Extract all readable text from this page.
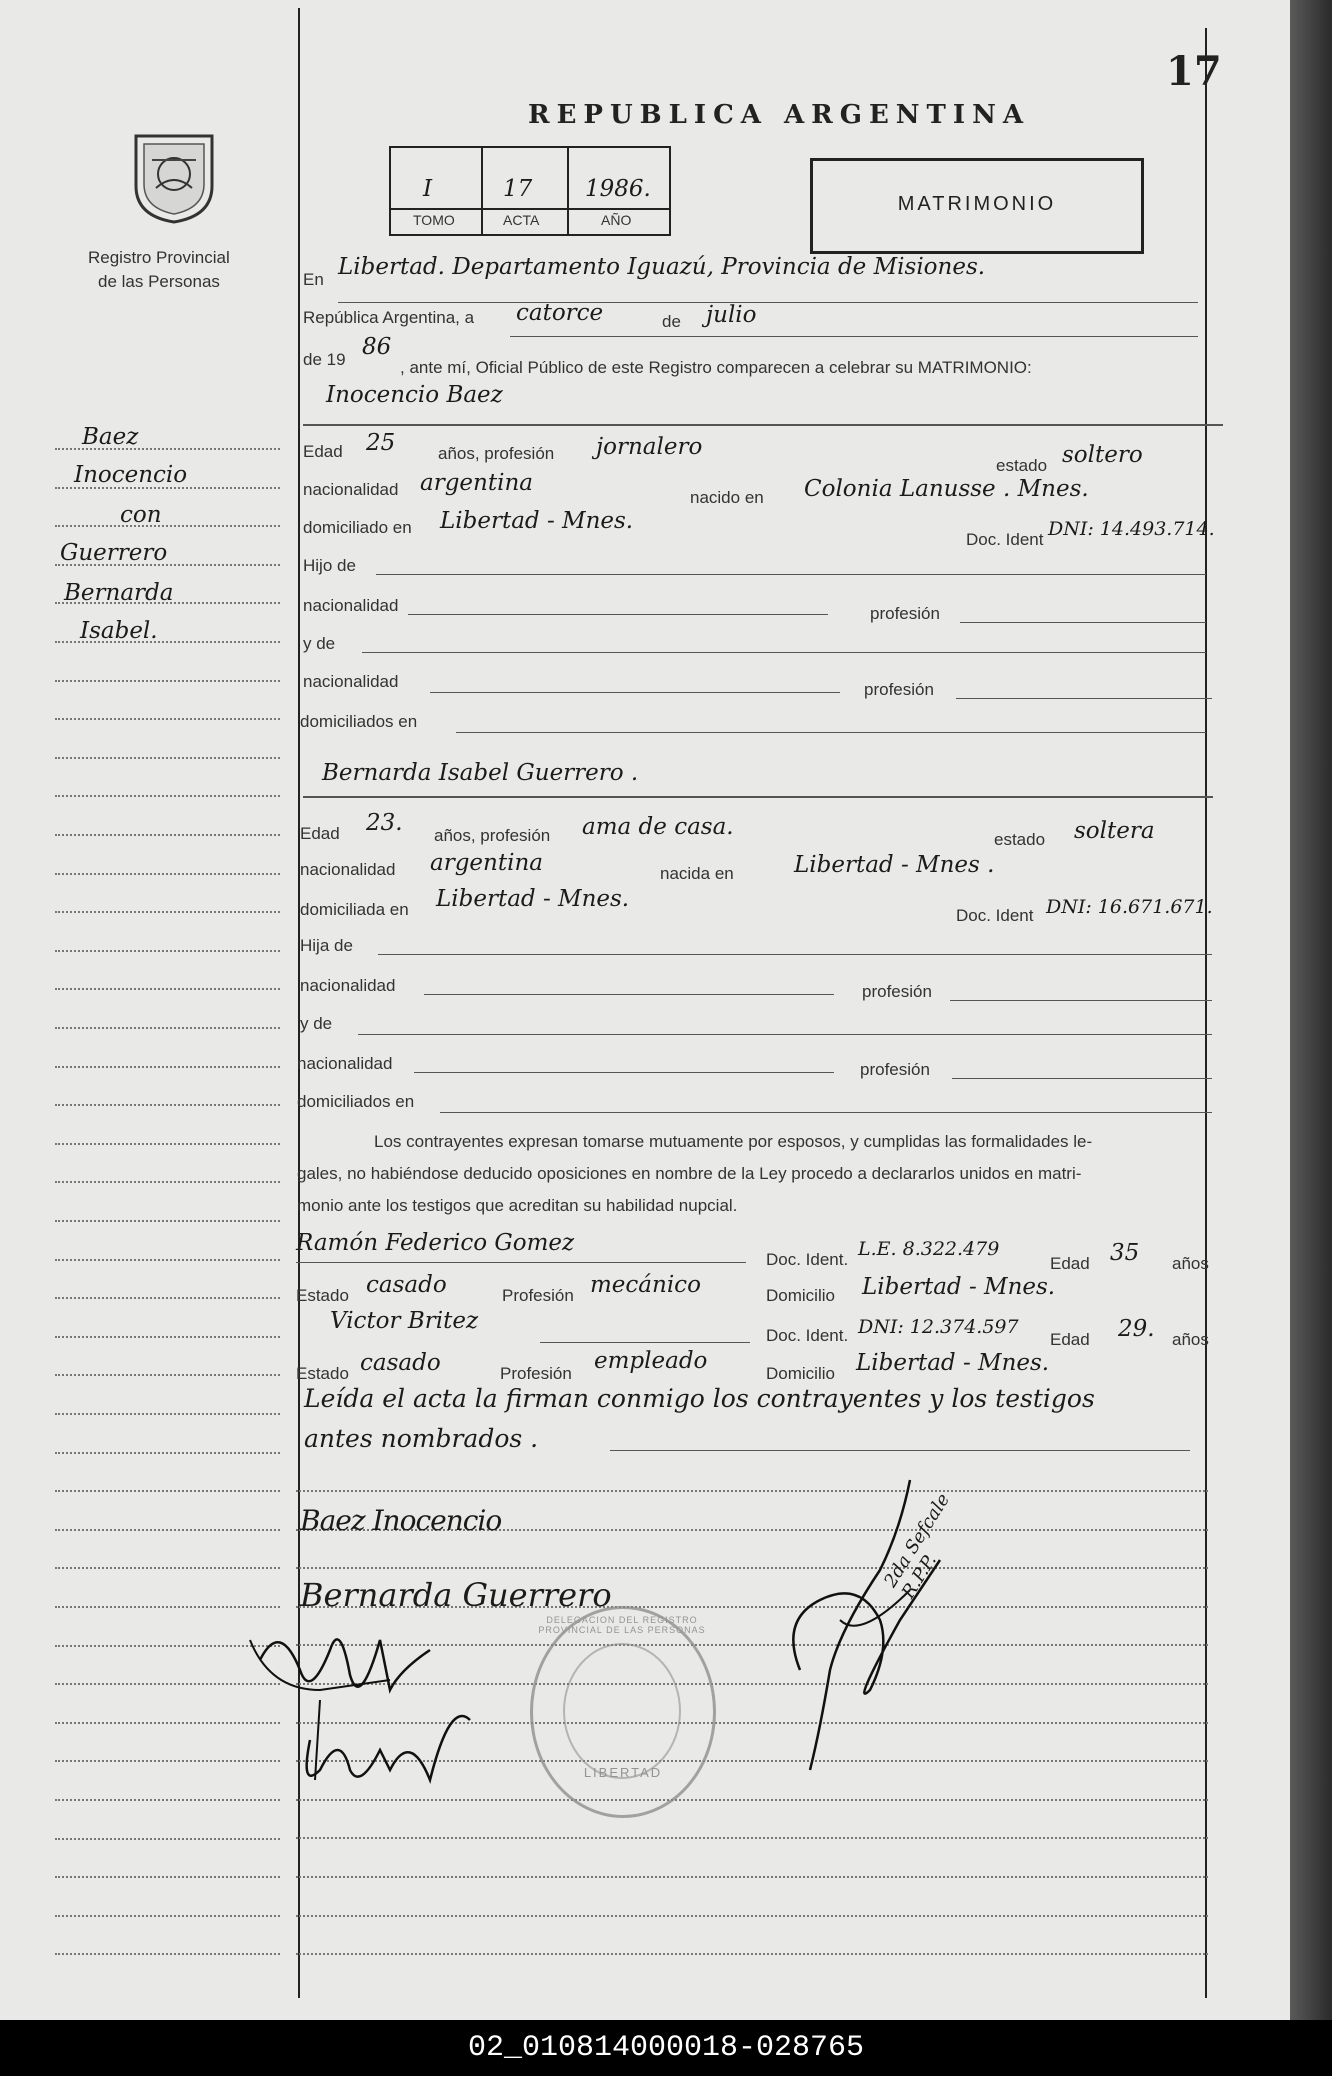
17
Registro Provincial
de las Personas
REPUBLICA ARGENTINA
I	17 1986.
TOMO	ACTA	AÑO
MATRIMONIO
Baez
Inocencio
con
Guerrero
Bernarda
Isabel.
En Libertad. Departamento Iguazú, Provincia de Misiones.
República Argentina, a catorce	de julio
de 19 86
, ante mí, Oficial Público de este Registro comparecen a celebrar su MATRIMONIO:
Inocencio Baez
Edad 25	años, profesión jornalero
estado soltero
nacionalidad argentina
nacido en Colonia Lanusse . Mnes.
domiciliado en Libertad - Mnes.
Doc. Ident DNI: 14.493.714.
Hijo de
nacionalidad	profesión
y de
nacionalidad	profesión
domiciliados en
Bernarda Isabel Guerrero .
Edad 23. años, profesión ama de casa.	estado soltera
nacionalidad argentina	nacida en	Libertad - Mnes .
domiciliada en Libertad - Mnes.
Doc. Ident DNI: 16.671.671.
Hija de
nacionalidad	profesión
y de
nacionalidad	profesión
domiciliados en
Los contrayentes expresan tomarse mutuamente por esposos, y cumplidas las formalidades le-
gales, no habiéndose deducido oposiciones en nombre de la Ley procedo a declararlos unidos en matri-
monio ante los testigos que acreditan su habilidad nupcial.
Ramón Federico Gomez
Doc. Ident. L.E. 8.322.479
Edad 35 años
Estado casado	Profesión mecánico	Domicilio Libertad - Mnes.
Victor Britez
Doc. Ident. DNI: 12.374.597
Edad 29. años
Estado casado	Profesión empleado	Domicilio Libertad - Mnes.
Leída el acta la firman conmigo los contrayentes y los testigos
antes nombrados .
Baez Inocencio
Bernarda Guerrero
DELEGACION DEL REGISTRO PROVINCIAL DE LAS PERSONAS
LIBERTAD
2da Sefcale R.P.P.
02_010814000018-028765
